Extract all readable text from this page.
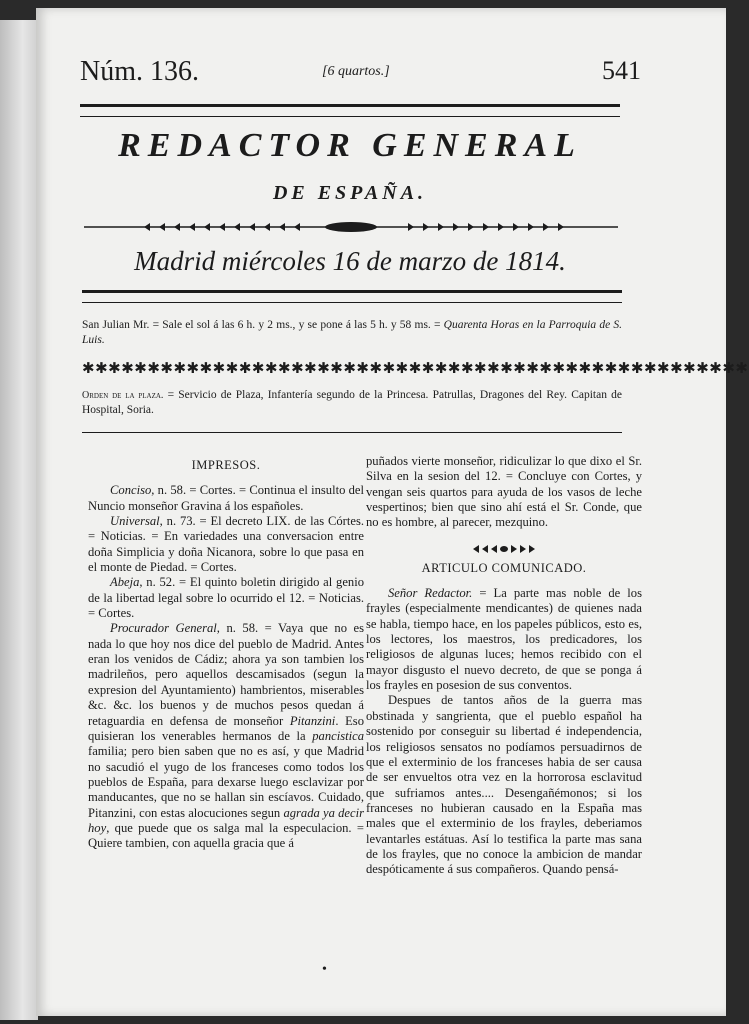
Núm. 136.	[6 quartos.]	541
REDACTOR GENERAL
DE ESPAÑA.
Madrid miércoles 16 de marzo de 1814.
San Julian Mr. = Sale el sol á las 6 h. y 2 ms., y se pone á las 5 h. y 58 ms. = Quarenta Horas en la Parroquia de S. Luis.
✱✱✱✱✱✱✱✱✱✱✱✱✱✱✱✱✱✱✱✱✱✱✱✱✱✱✱✱✱✱✱✱✱✱✱✱✱✱✱✱✱✱✱✱✱✱✱✱✱✱✱
Orden de la plaza. = Servicio de Plaza, Infantería segundo de la Princesa. Patrullas, Dragones del Rey. Capitan de Hospital, Soria.

IMPRESOS.

Conciso, n. 58. = Cortes. = Continua el insulto del Nuncio monseñor Gravina á los españoles.

Universal, n. 73. = El decreto LIX. de las Córtes. = Noticias. = En variedades una conversacion entre doña Simplicia y doña Nicanora, sobre lo que pasa en el monte de Piedad. = Cortes.

Abeja, n. 52. = El quinto boletin dirigido al genio de la libertad legal sobre lo ocurrido el 12. = Noticias. = Cortes.

Procurador General, n. 58. = Vaya que no es nada lo que hoy nos dice del pueblo de Madrid. Antes eran los venidos de Cádiz; ahora ya son tambien los madrileños, pero aquellos descamisados (segun la expresion del Ayuntamiento) hambrientos, miserables &c. &c. los buenos y de muchos pesos quedan á retaguardia en defensa de monseñor Pitanzini. Eso quisieran los venerables hermanos de la pancistica familia; pero bien saben que no es así, y que Madrid no sacudió el yugo de los franceses como todos los pueblos de España, para dexarse luego esclavizar por manducantes, que no se hallan sin escíavos. Cuidado, Pitanzini, con estas alocuciones segun agrada ya decir hoy, que puede que os salga mal la especulacion. = Quiere tambien, con aquella gracia que á

puñados vierte monseñor, ridiculizar lo que dixo el Sr. Silva en la sesion del 12. = Concluye con Cortes, y vengan seis quartos para ayuda de los vasos de leche vespertinos; bien que sino ahí está el Sr. Conde, que no es hombre, al parecer, mezquino.

ARTICULO COMUNICADO.

Señor Redactor. = La parte mas noble de los frayles (especialmente mendicantes) de quienes nada se habla, tiempo hace, en los papeles públicos, esto es, los lectores, los maestros, los predicadores, los religiosos de algunas luces; hemos recibido con el mayor disgusto el nuevo decreto, de que se ponga á los frayles en posesion de sus conventos.

Despues de tantos años de la guerra mas obstinada y sangrienta, que el pueblo español ha sostenido por conseguir su libertad é independencia, los religiosos sensatos no podíamos persuadirnos de que el exterminio de los franceses habia de ser causa de ser envueltos otra vez en la horrorosa esclavitud que sufriamos antes.... Desengañémonos; si los franceses no hubieran causado en la España mas males que el exterminio de los frayles, deberiamos levantarles estátuas. Así lo testifica la parte mas sana de los frayles, que no conoce la ambicion de mandar despóticamente á sus compañeros. Quando pensá-

•
